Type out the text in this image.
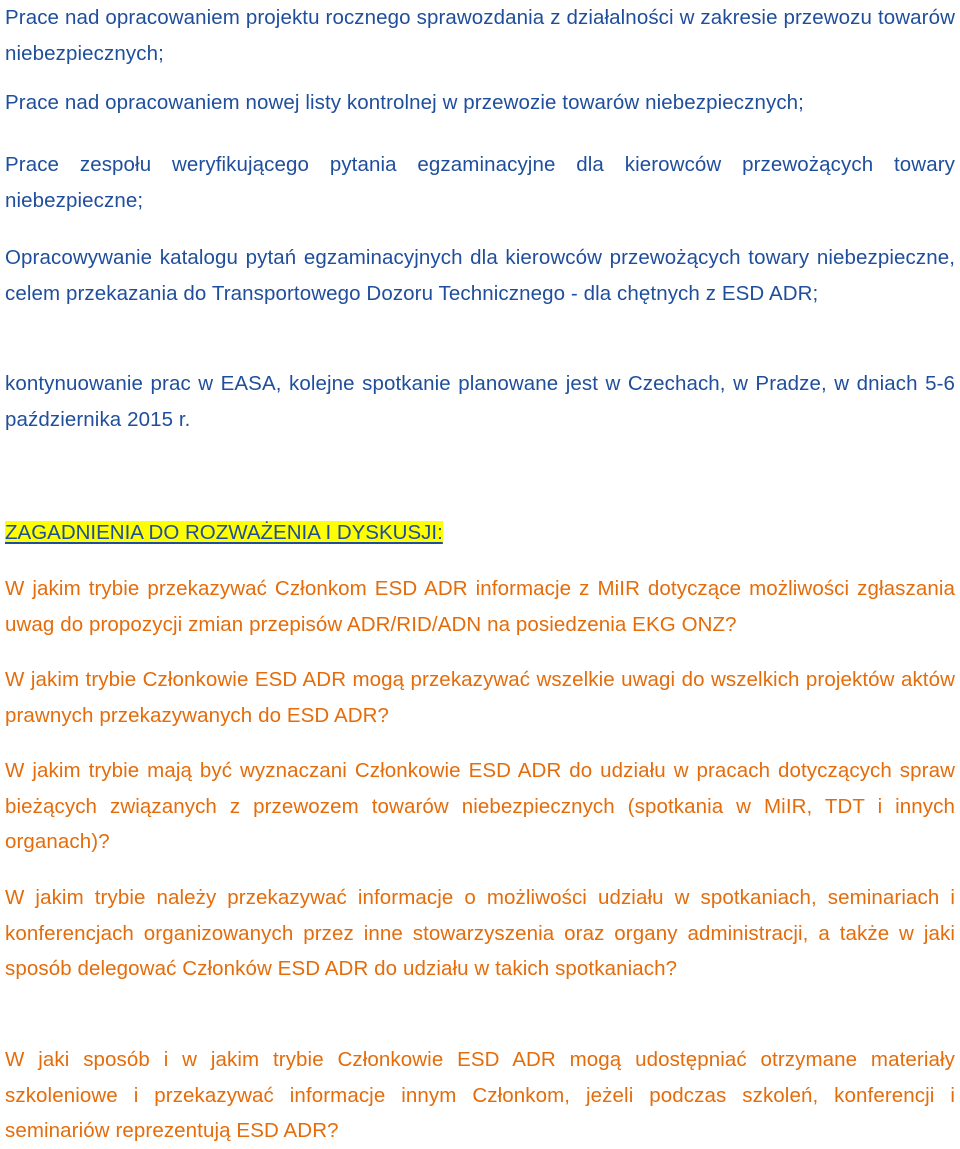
Prace nad opracowaniem projektu rocznego sprawozdania z działalności w zakresie przewozu towarów niebezpiecznych;

Prace nad opracowaniem nowej listy kontrolnej w przewozie towarów niebezpiecznych;

Prace zespołu weryfikującego pytania egzaminacyjne dla kierowców przewożących towary niebezpieczne;

Opracowywanie katalogu pytań egzaminacyjnych dla kierowców przewożących towary niebezpieczne, celem przekazania do Transportowego Dozoru Technicznego - dla chętnych z ESD ADR;

kontynuowanie prac w EASA, kolejne spotkanie planowane jest w Czechach, w Pradze, w dniach 5-6 października 2015 r.

ZAGADNIENIA DO ROZWAŻENIA I DYSKUSJI:

W jakim trybie przekazywać Członkom ESD ADR informacje z MiIR dotyczące możliwości zgłaszania uwag do propozycji zmian przepisów ADR/RID/ADN na posiedzenia EKG ONZ?

W jakim trybie Członkowie ESD ADR mogą przekazywać wszelkie uwagi do wszelkich projektów aktów prawnych przekazywanych do ESD ADR?

W jakim trybie mają być wyznaczani Członkowie ESD ADR do udziału w pracach dotyczących spraw bieżących związanych z przewozem towarów niebezpiecznych (spotkania w MiIR, TDT i innych organach)?

W jakim trybie należy przekazywać informacje o możliwości udziału w spotkaniach, seminariach i konferencjach organizowanych przez inne stowarzyszenia oraz organy administracji, a także w jaki sposób delegować Członków ESD ADR do udziału w takich spotkaniach?

W jaki sposób i w jakim trybie Członkowie ESD ADR mogą udostępniać otrzymane materiały szkoleniowe i przekazywać informacje innym Członkom, jeżeli podczas szkoleń, konferencji i seminariów reprezentują ESD ADR?
